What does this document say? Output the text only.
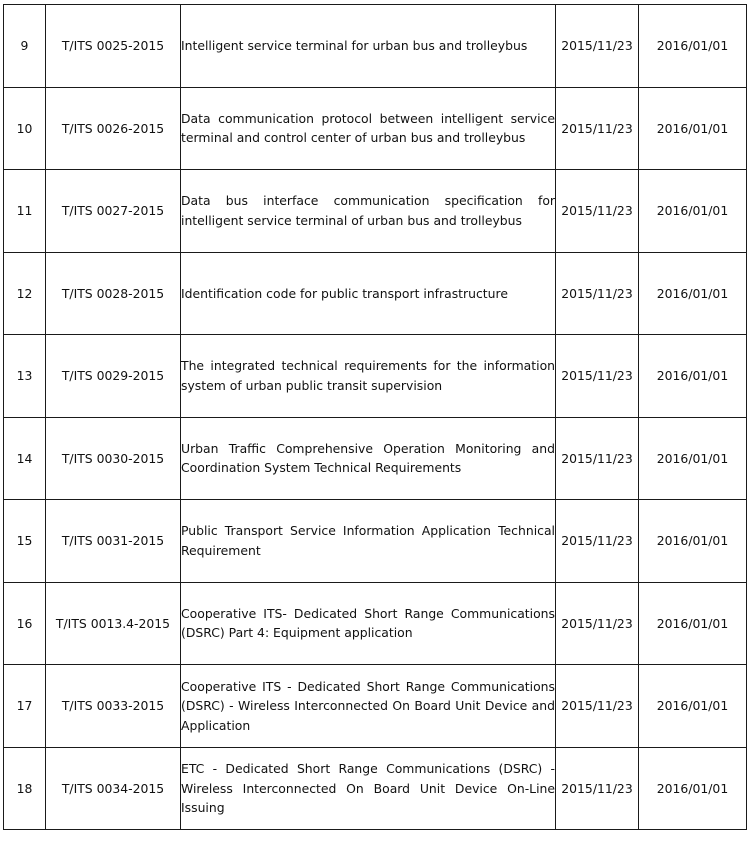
9	T/ITS 0025-2015	Intelligent service terminal for urban bus and trolleybus	2015/11/23	2016/01/01
10	T/ITS 0026-2015	Data communication protocol between intelligent service terminal and control center of urban bus and trolleybus	2015/11/23	2016/01/01
11	T/ITS 0027-2015	Data bus interface communication specification for intelligent service terminal of urban bus and trolleybus	2015/11/23	2016/01/01
12	T/ITS 0028-2015	Identification code for public transport infrastructure	2015/11/23	2016/01/01
13	T/ITS 0029-2015	The integrated technical requirements for the information system of urban public transit supervision	2015/11/23	2016/01/01
14	T/ITS 0030-2015	Urban Traffic Comprehensive Operation Monitoring and Coordination System Technical Requirements	2015/11/23	2016/01/01
15	T/ITS 0031-2015	Public Transport Service Information Application Technical Requirement	2015/11/23	2016/01/01
16	T/ITS 0013.4-2015	Cooperative ITS- Dedicated Short Range Communications (DSRC) Part 4: Equipment application	2015/11/23	2016/01/01
17	T/ITS 0033-2015	Cooperative ITS - Dedicated Short Range Communications (DSRC) - Wireless Interconnected On Board Unit Device and Application	2015/11/23	2016/01/01
18	T/ITS 0034-2015	ETC - Dedicated Short Range Communications (DSRC) - Wireless Interconnected On Board Unit Device On-Line Issuing	2015/11/23	2016/01/01
